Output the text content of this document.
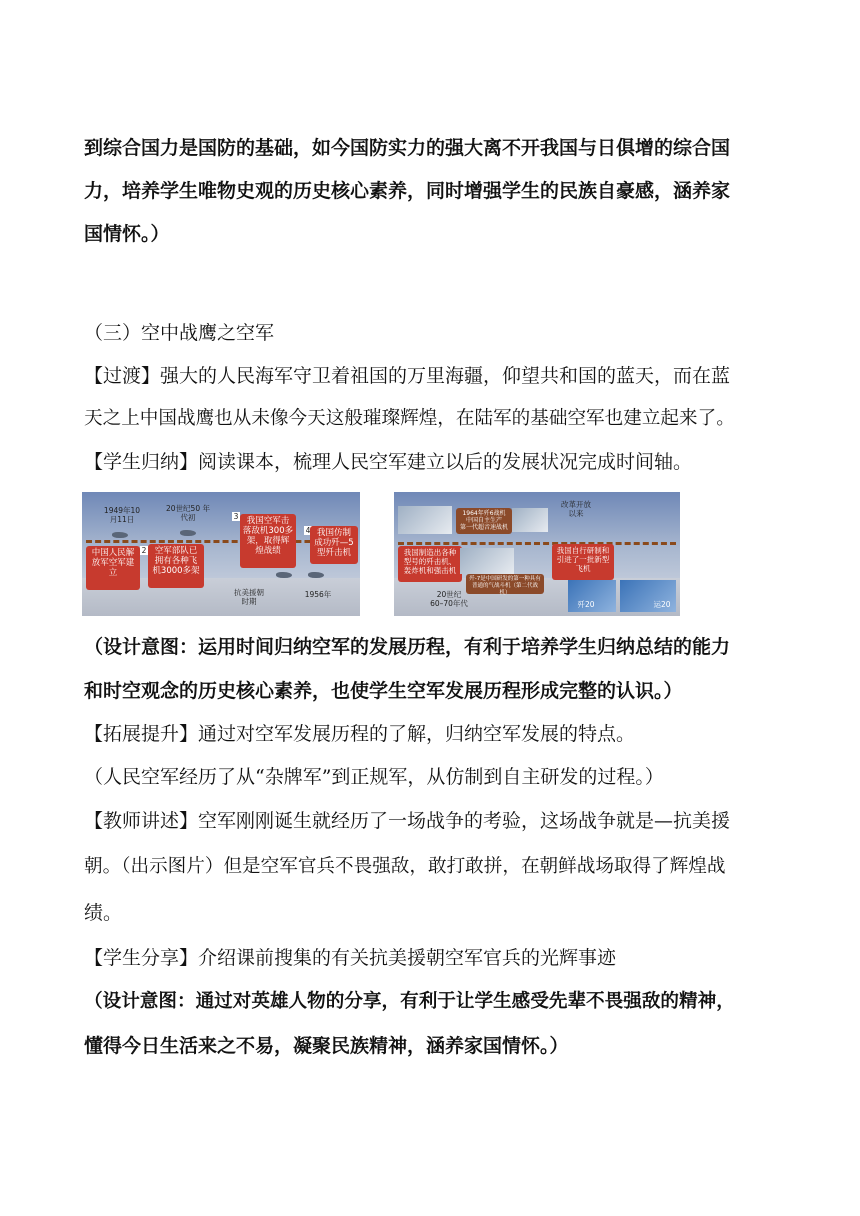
到综合国力是国防的基础，如今国防实力的强大离不开我国与日俱增的综合国
力，培养学生唯物史观的历史核心素养，同时增强学生的民族自豪感，涵养家
国情怀。）
（三）空中战鹰之空军
【过渡】强大的人民海军守卫着祖国的万里海疆，仰望共和国的蓝天，而在蓝
天之上中国战鹰也从未像今天这般璀璨辉煌，在陆军的基础空军也建立起来了。
【学生归纳】阅读课本，梳理人民空军建立以后的发展状况完成时间轴。
1949年10 月11日
20世纪50 年代初
中国人民解
放军空军建
立
空军部队已
拥有各种飞
机3000多架
3
2
我国空军击
落敌机300多
架，取得辉
煌战绩
4 我国仿制
成功歼—5
型歼击机
抗美援朝
时期
1956年
1964年歼6战机
中国自主生产
第一代超音速战机
改革开放
以来
我国制造出各种
型号的歼击机、
轰炸机和强击机
歼-7是中国研发的第一种具有
普通的气战斗机（第二代战机）
我国自行研制和
引进了一批新型
飞机
歼20	运20
20世纪
60–70年代
（设计意图：运用时间归纳空军的发展历程，有利于培养学生归纳总结的能力
和时空观念的历史核心素养，也使学生空军发展历程形成完整的认识。）
【拓展提升】通过对空军发展历程的了解，归纳空军发展的特点。
（人民空军经历了从“杂牌军”到正规军，从仿制到自主研发的过程。）
【教师讲述】空军刚刚诞生就经历了一场战争的考验，这场战争就是—抗美援
朝。（出示图片）但是空军官兵不畏强敌，敢打敢拼，在朝鲜战场取得了辉煌战
绩。
【学生分享】介绍课前搜集的有关抗美援朝空军官兵的光辉事迹
（设计意图：通过对英雄人物的分享，有利于让学生感受先辈不畏强敌的精神，
懂得今日生活来之不易，凝聚民族精神，涵养家国情怀。）
